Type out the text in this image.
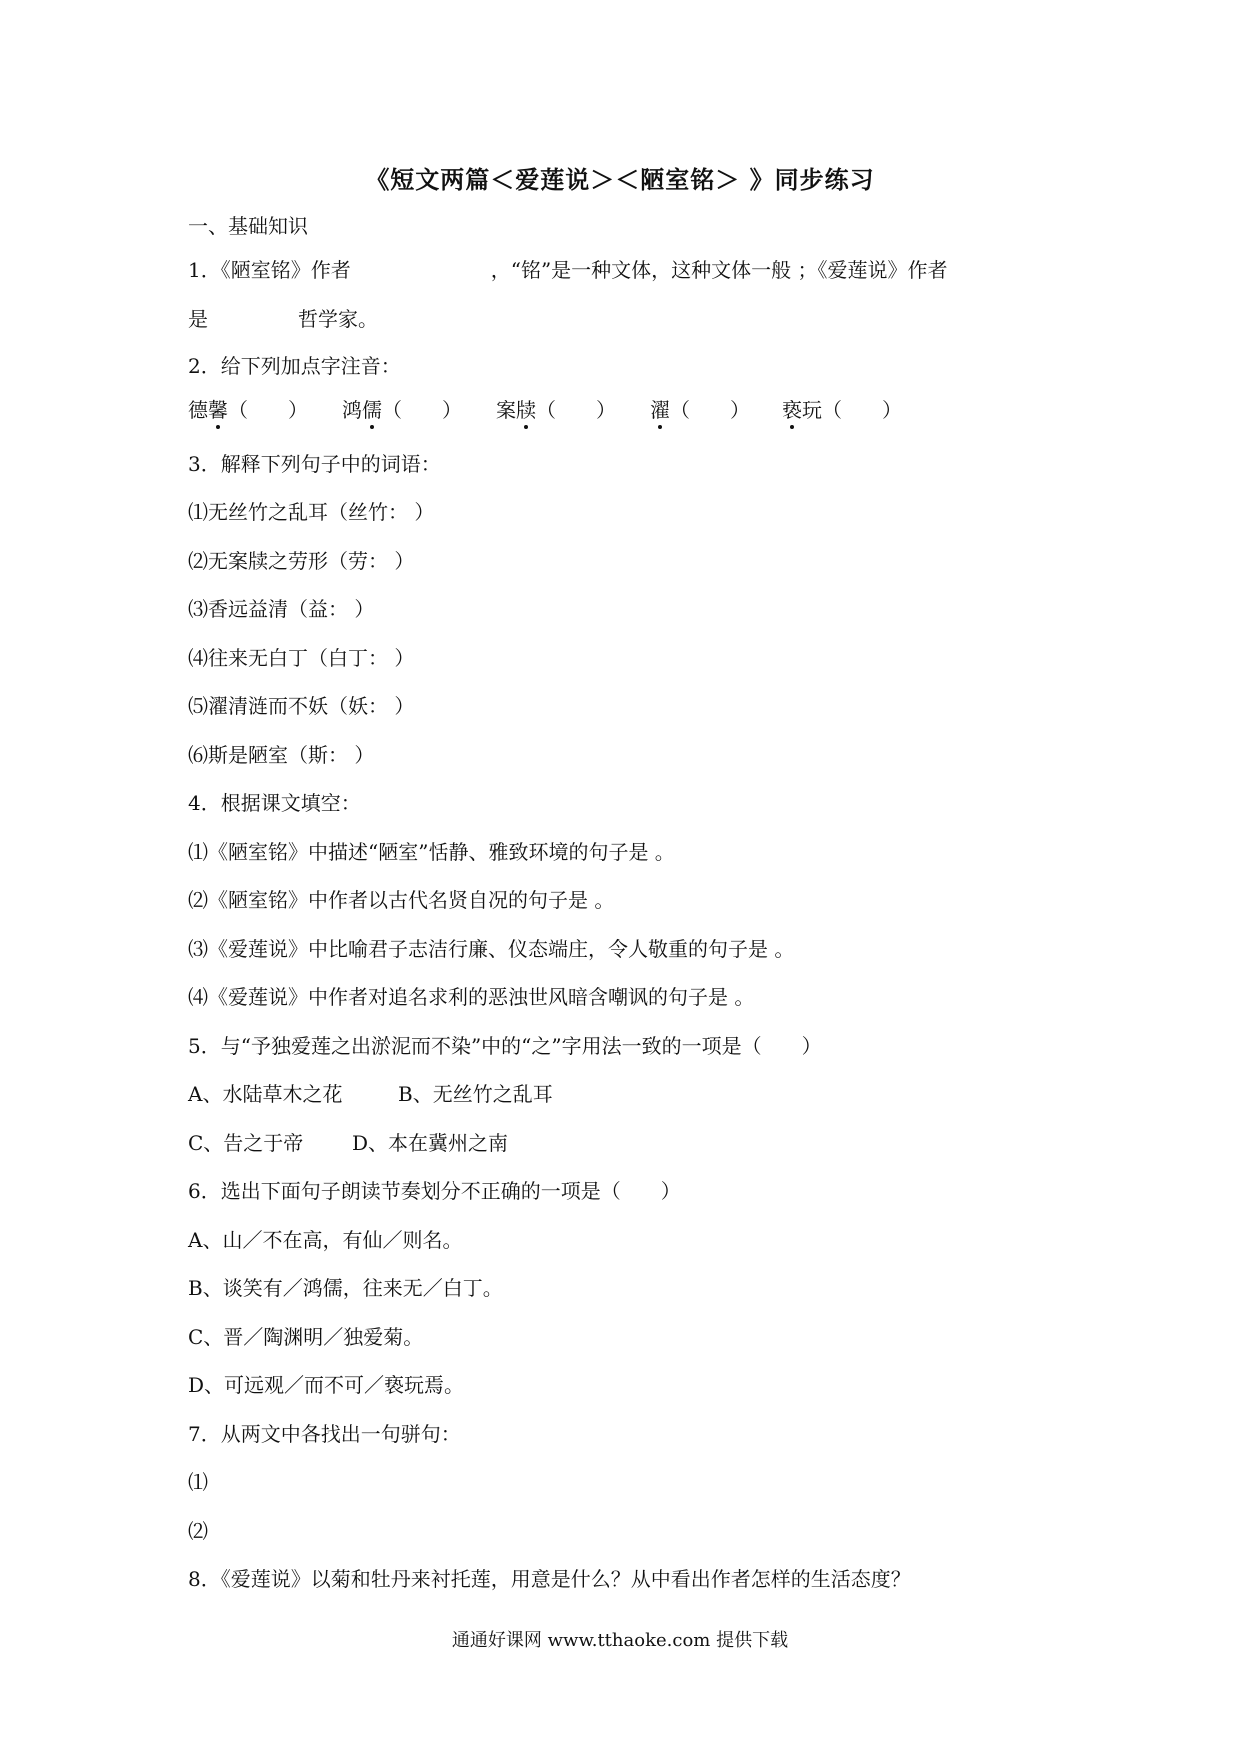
《短文两篇＜爱莲说＞＜陋室铭＞ 》同步练习
一、基础知识
1．《陋室铭》作者	，“铭”是一种文体，这种文体一般 ；《爱莲说》作者
是	哲学家。
2．给下列加点字注音：
德馨（　　） 鸿儒（　　） 案牍（　　） 濯（　　） 亵玩（　　）
3．解释下列句子中的词语：
⑴无丝竹之乱耳（丝竹： ）
⑵无案牍之劳形（劳： ）
⑶香远益清（益： ）
⑷往来无白丁（白丁： ）
⑸濯清涟而不妖（妖： ）
⑹斯是陋室（斯： ）
4．根据课文填空：
⑴《陋室铭》中描述“陋室”恬静、雅致环境的句子是 。
⑵《陋室铭》中作者以古代名贤自况的句子是 。
⑶《爱莲说》中比喻君子志洁行廉、仪态端庄，令人敬重的句子是 。
⑷《爱莲说》中作者对追名求利的恶浊世风暗含嘲讽的句子是 。
5．与“予独爱莲之出淤泥而不染”中的“之”字用法一致的一项是（　　）
A、水陆草木之花	B、无丝竹之乱耳
C、告之于帝 D、本在冀州之南
6．选出下面句子朗读节奏划分不正确的一项是（　　）
A、山／不在高，有仙／则名。
B、谈笑有／鸿儒，往来无／白丁。
C、晋／陶渊明／独爱菊。
D、可远观／而不可／亵玩焉。
7．从两文中各找出一句骈句：
⑴
⑵
8．《爱莲说》以菊和牡丹来衬托莲，用意是什么？从中看出作者怎样的生活态度？
通通好课网 www.tthaoke.com 提供下载
